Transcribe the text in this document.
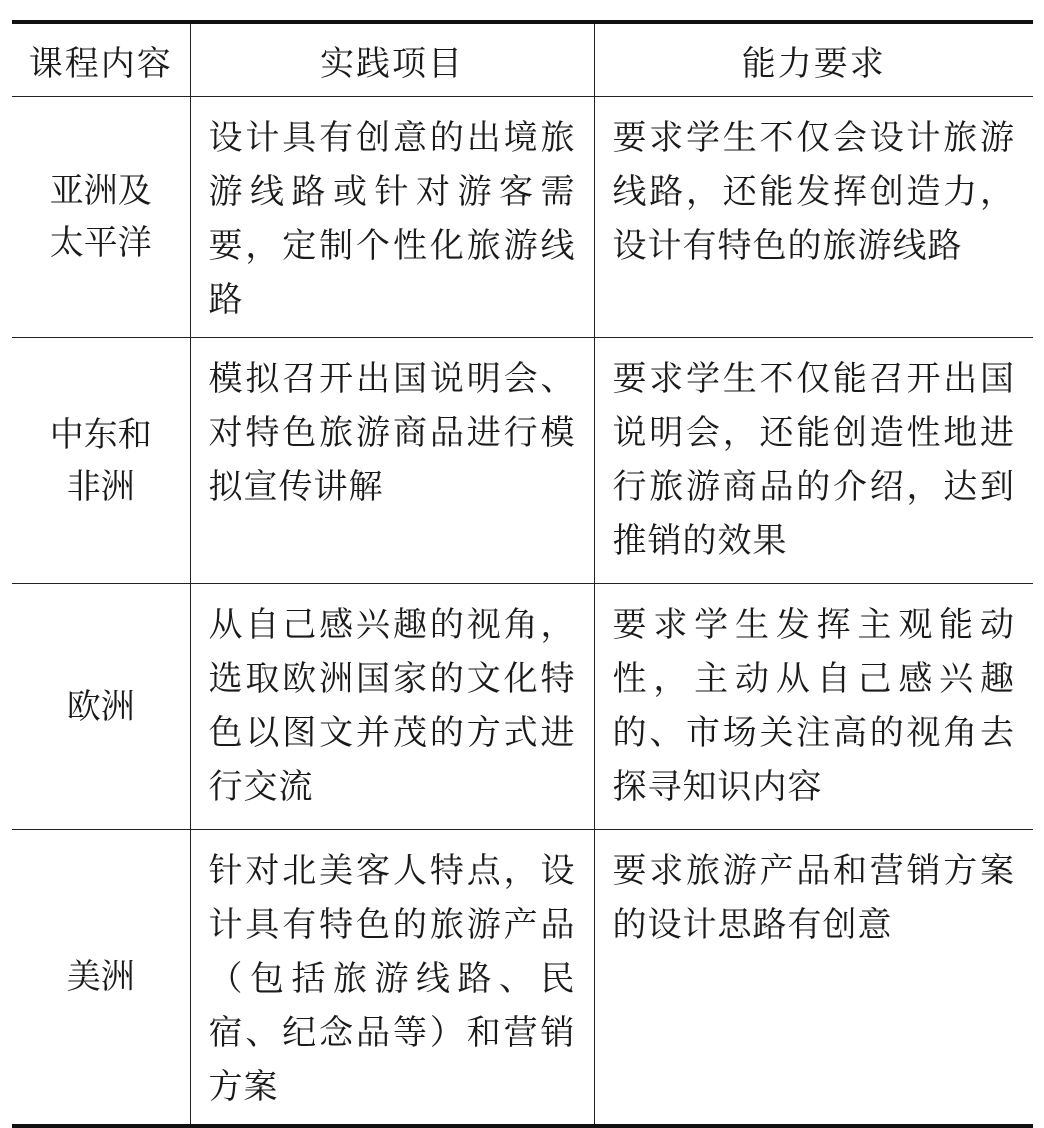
课程内容	实践项目	能力要求
亚洲及太平洋	设计具有创意的出境旅游线路或针对游客需要，定制个性化旅游线路	要求学生不仅会设计旅游线路，还能发挥创造力，设计有特色的旅游线路
中东和非洲	模拟召开出国说明会、对特色旅游商品进行模拟宣传讲解	要求学生不仅能召开出国说明会，还能创造性地进行旅游商品的介绍，达到推销的效果
欧洲	从自己感兴趣的视角，选取欧洲国家的文化特色以图文并茂的方式进行交流	要求学生发挥主观能动性，主动从自己感兴趣的、市场关注高的视角去探寻知识内容
美洲	针对北美客人特点，设计具有特色的旅游产品（包括旅游线路、民宿、纪念品等）和营销方案	要求旅游产品和营销方案的设计思路有创意
